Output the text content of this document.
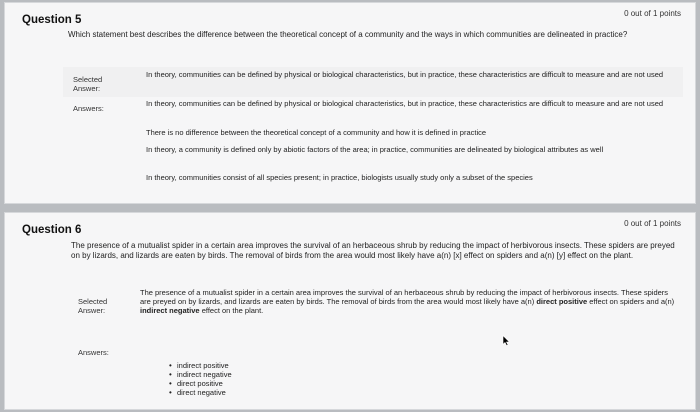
Question 5
0 out of 1 points
Which statement best describes the difference between the theoretical concept of a community and the ways in which communities are delineated in practice?
Selected Answer:
In theory, communities can be defined by physical or biological characteristics, but in practice, these characteristics are difficult to measure and are not used
Answers:
In theory, communities can be defined by physical or biological characteristics, but in practice, these characteristics are difficult to measure and are not used
There is no difference between the theoretical concept of a community and how it is defined in practice
In theory, a community is defined only by abiotic factors of the area; in practice, communities are delineated by biological attributes as well
In theory, communities consist of all species present; in practice, biologists usually study only a subset of the species
Question 6
0 out of 1 points
The presence of a mutualist spider in a certain area improves the survival of an herbaceous shrub by reducing the impact of herbivorous insects. These spiders are preyed on by lizards, and lizards are eaten by birds. The removal of birds from the area would most likely have a(n) [x] effect on spiders and a(n) [y] effect on the plant.
Selected Answer:
The presence of a mutualist spider in a certain area improves the survival of an herbaceous shrub by reducing the impact of herbivorous insects. These spiders are preyed on by lizards, and lizards are eaten by birds. The removal of birds from the area would most likely have a(n) direct positive effect on spiders and a(n) indirect negative effect on the plant.
Answers:
• indirect positive
• indirect negative
• direct positive
• direct negative
